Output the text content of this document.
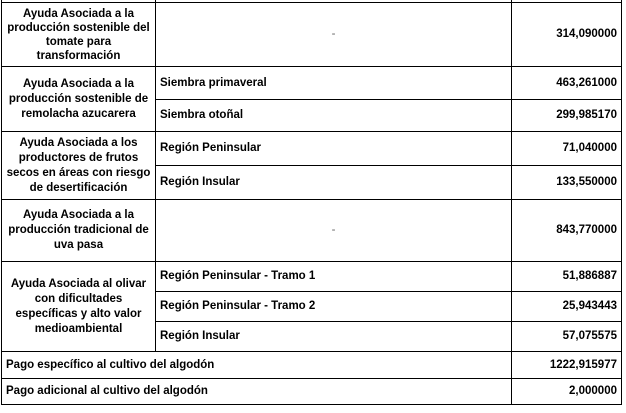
Ayuda Asociada a la producción sostenible del tomate para transformación	-	314,090000
Ayuda Asociada a la producción sostenible de remolacha azucarera	Siembra primaveral	463,261000
	Siembra otoñal	299,985170
Ayuda Asociada a los productores de frutos secos en áreas con riesgo de desertificación	Región Peninsular	71,040000
	Región Insular	133,550000
Ayuda Asociada a la producción tradicional de uva pasa	-	843,770000
Ayuda Asociada al olivar con dificultades específicas y alto valor medioambiental	Región Peninsular - Tramo 1	51,886887
	Región Peninsular - Tramo 2	25,943443
	Región Insular	57,075575
Pago específico al cultivo del algodón		1222,915977
Pago adicional al cultivo del algodón		2,000000
